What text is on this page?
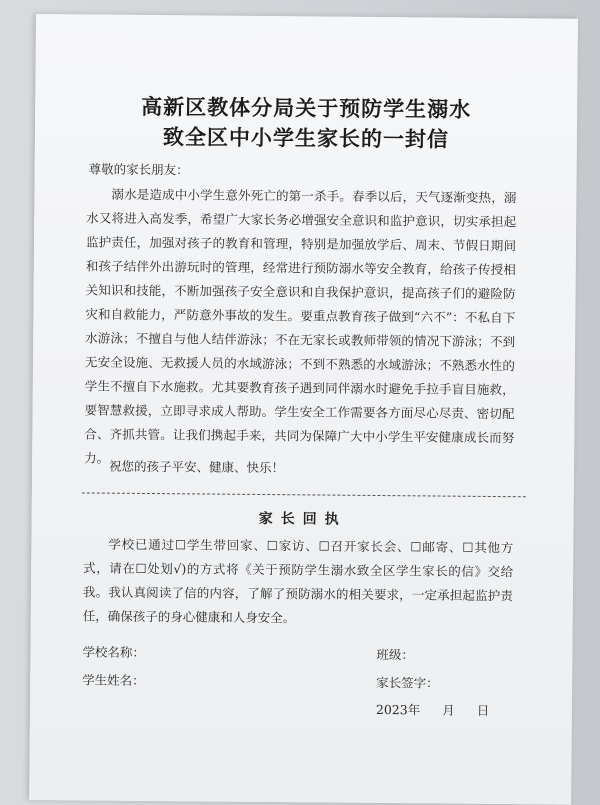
高新区教体分局关于预防学生溺水
致全区中小学生家长的一封信
尊敬的家长朋友：
溺水是造成中小学生意外死亡的第一杀手。春季以后，天气逐渐变热，溺水又将进入高发季，希望广大家长务必增强安全意识和监护意识，切实承担起监护责任，加强对孩子的教育和管理，特别是加强放学后、周末、节假日期间和孩子结伴外出游玩时的管理，经常进行预防溺水等安全教育，给孩子传授相关知识和技能，不断加强孩子安全意识和自我保护意识，提高孩子们的避险防灾和自救能力，严防意外事故的发生。要重点教育孩子做到“六不”：不私自下水游泳；不擅自与他人结伴游泳；不在无家长或教师带领的情况下游泳；不到无安全设施、无救援人员的水域游泳；不到不熟悉的水域游泳；不熟悉水性的学生不擅自下水施救。尤其要教育孩子遇到同伴溺水时避免手拉手盲目施救，要智慧救援，立即寻求成人帮助。学生安全工作需要各方面尽心尽责、密切配合、齐抓共管。让我们携起手来，共同为保障广大中小学生平安健康成长而努力。
祝您的孩子平安、健康、快乐！
家长回执
学校已通过☐学生带回家、☐家访、☐召开家长会、☐邮寄、☐其他方式，请在☐处划√)的方式将《关于预防学生溺水致全区学生家长的信》交给我。我认真阅读了信的内容，了解了预防溺水的相关要求，一定承担起监护责任，确保孩子的身心健康和人身安全。
学校名称：
学生姓名：
班级：
家长签字：
2023年 月 日
